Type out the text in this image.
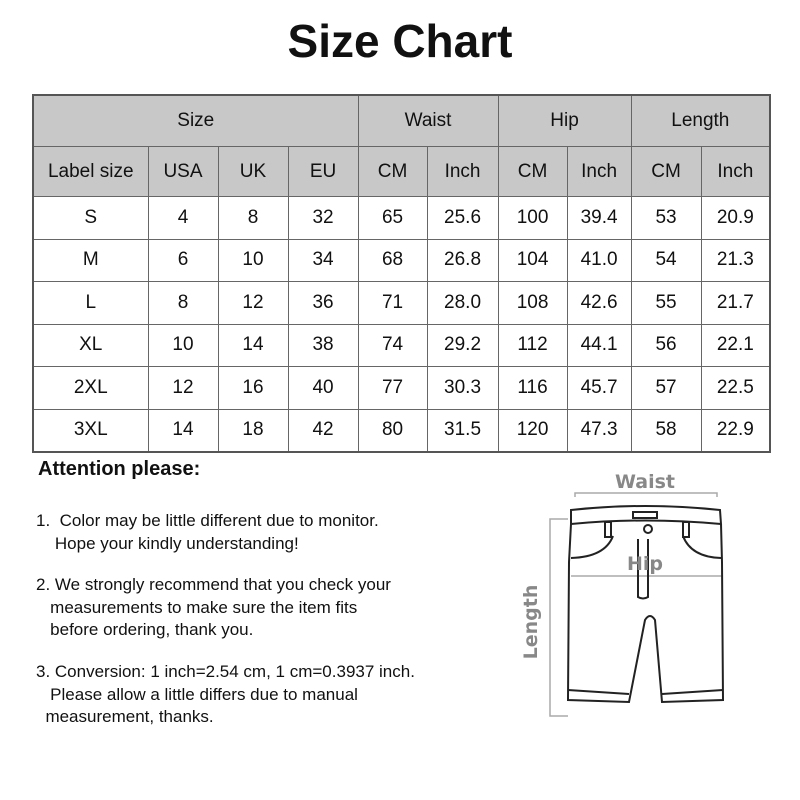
Size Chart
Size				Waist		Hip		Length	
Label size	USA	UK	EU	CM	Inch	CM	Inch	CM	Inch
S	4	8	32	65	25.6	100	39.4	53	20.9
M	6	10	34	68	26.8	104	41.0	54	21.3
L	8	12	36	71	28.0	108	42.6	55	21.7
XL	10	14	38	74	29.2	112	44.1	56	22.1
2XL	12	16	40	77	30.3	116	45.7	57	22.5
3XL	14	18	42	80	31.5	120	47.3	58	22.9
Attention please:
1.  Color may be little different due to monitor.
Hope your kindly understanding!
2. We strongly recommend that you check your
measurements to make sure the item fits
before ordering, thank you.
3. Conversion: 1 inch=2.54 cm, 1 cm=0.3937 inch.
Please allow a little differs due to manual
measurement, thanks.
Waist
Hip
Length
